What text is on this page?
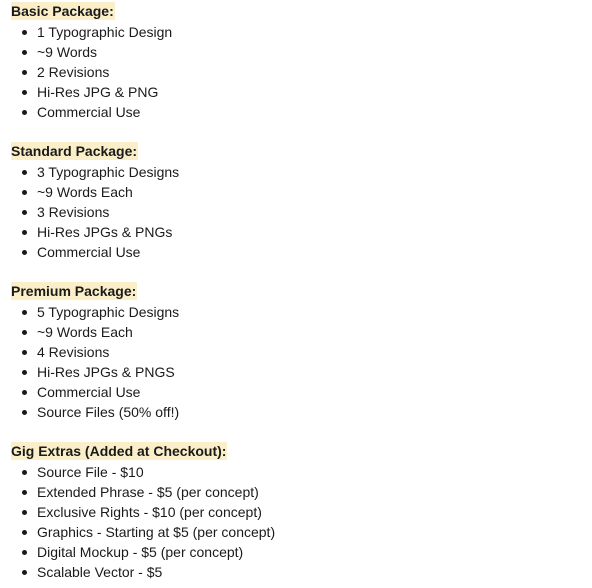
Basic Package:
1 Typographic Design
~9 Words
2 Revisions
Hi-Res JPG & PNG
Commercial Use
Standard Package:
3 Typographic Designs
~9 Words Each
3 Revisions
Hi-Res JPGs & PNGs
Commercial Use
Premium Package:
5 Typographic Designs
~9 Words Each
4 Revisions
Hi-Res JPGs & PNGS
Commercial Use
Source Files (50% off!)
Gig Extras (Added at Checkout):
Source File - $10
Extended Phrase - $5 (per concept)
Exclusive Rights - $10 (per concept)
Graphics - Starting at $5 (per concept)
Digital Mockup - $5 (per concept)
Scalable Vector - $5
